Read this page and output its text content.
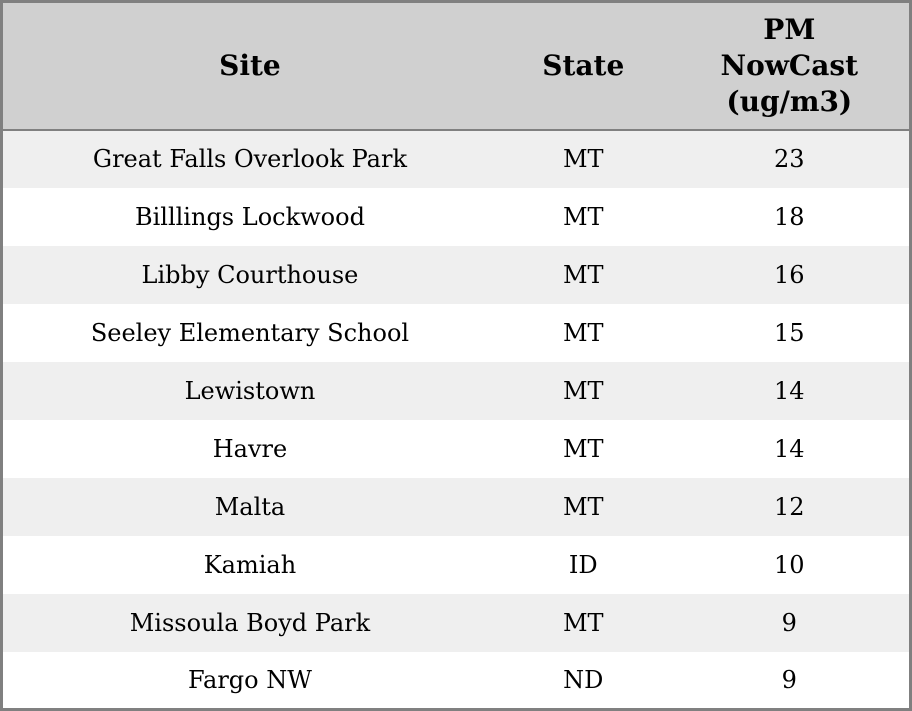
Site	State	PM
NowCast
(ug/m3)

Great Falls Overlook Park	MT	23
Billlings Lockwood	MT	18
Libby Courthouse	MT	16
Seeley Elementary School	MT	15
Lewistown	MT	14
Havre	MT	14
Malta	MT	12
Kamiah	ID	10
Missoula Boyd Park	MT	9
Fargo NW	ND	9
